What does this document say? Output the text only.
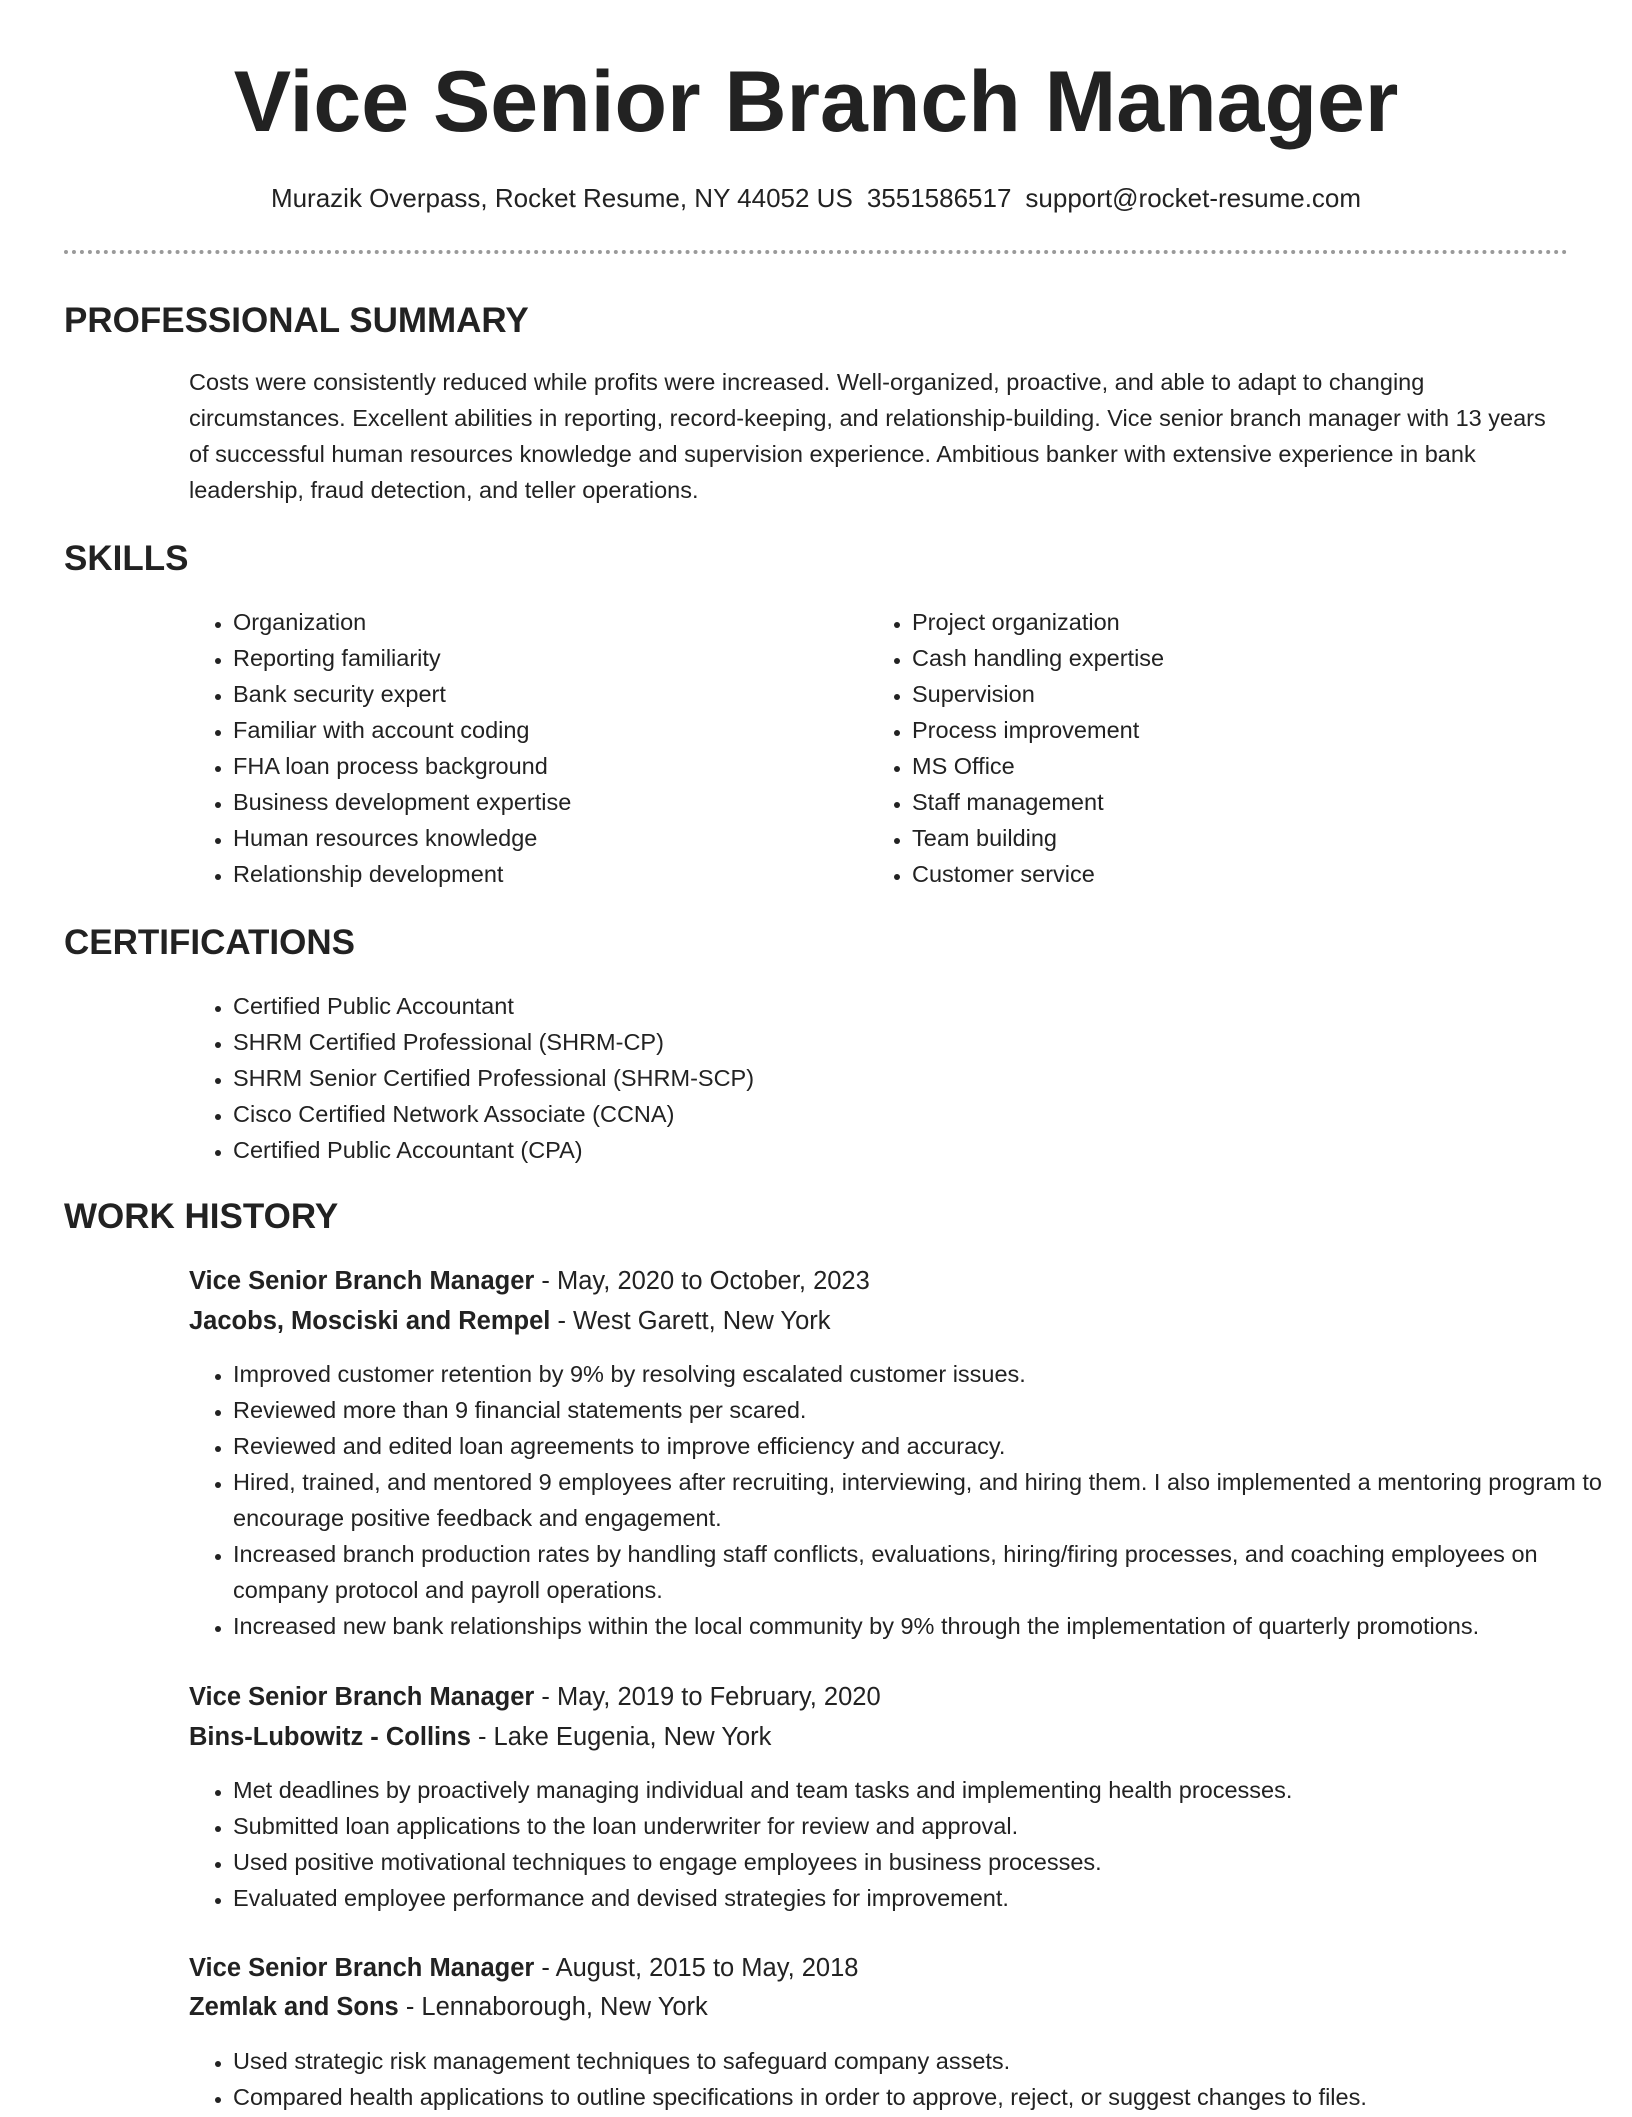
Vice Senior Branch Manager
Murazik Overpass, Rocket Resume, NY 44052 US 3551586517 support@rocket-resume.com
PROFESSIONAL SUMMARY

Costs were consistently reduced while profits were increased. Well-organized, proactive, and able to adapt to changing circumstances. Excellent abilities in reporting, record-keeping, and relationship-building. Vice senior branch manager with 13 years of successful human resources knowledge and supervision experience. Ambitious banker with extensive experience in bank leadership, fraud detection, and teller operations.

SKILLS
• Organization
• Reporting familiarity
• Bank security expert
• Familiar with account coding
• FHA loan process background
• Business development expertise
• Human resources knowledge
• Relationship development
• Project organization
• Cash handling expertise
• Supervision
• Process improvement
• MS Office
• Staff management
• Team building
• Customer service
CERTIFICATIONS
• Certified Public Accountant
• SHRM Certified Professional (SHRM-CP)
• SHRM Senior Certified Professional (SHRM-SCP)
• Cisco Certified Network Associate (CCNA)
• Certified Public Accountant (CPA)
WORK HISTORY

Vice Senior Branch Manager - May, 2020 to October, 2023

Jacobs, Mosciski and Rempel - West Garett, New York

• Improved customer retention by 9% by resolving escalated customer issues.
• Reviewed more than 9 financial statements per scared.
• Reviewed and edited loan agreements to improve efficiency and accuracy.
• Hired, trained, and mentored 9 employees after recruiting, interviewing, and hiring them. I also implemented a mentoring program to encourage positive feedback and engagement.
• Increased branch production rates by handling staff conflicts, evaluations, hiring/firing processes, and coaching employees on company protocol and payroll operations.
• Increased new bank relationships within the local community by 9% through the implementation of quarterly promotions.

Vice Senior Branch Manager - May, 2019 to February, 2020

Bins-Lubowitz - Collins - Lake Eugenia, New York

• Met deadlines by proactively managing individual and team tasks and implementing health processes.
• Submitted loan applications to the loan underwriter for review and approval.
• Used positive motivational techniques to engage employees in business processes.
• Evaluated employee performance and devised strategies for improvement.

Vice Senior Branch Manager - August, 2015 to May, 2018

Zemlak and Sons - Lennaborough, New York

• Used strategic risk management techniques to safeguard company assets.
• Compared health applications to outline specifications in order to approve, reject, or suggest changes to files.
